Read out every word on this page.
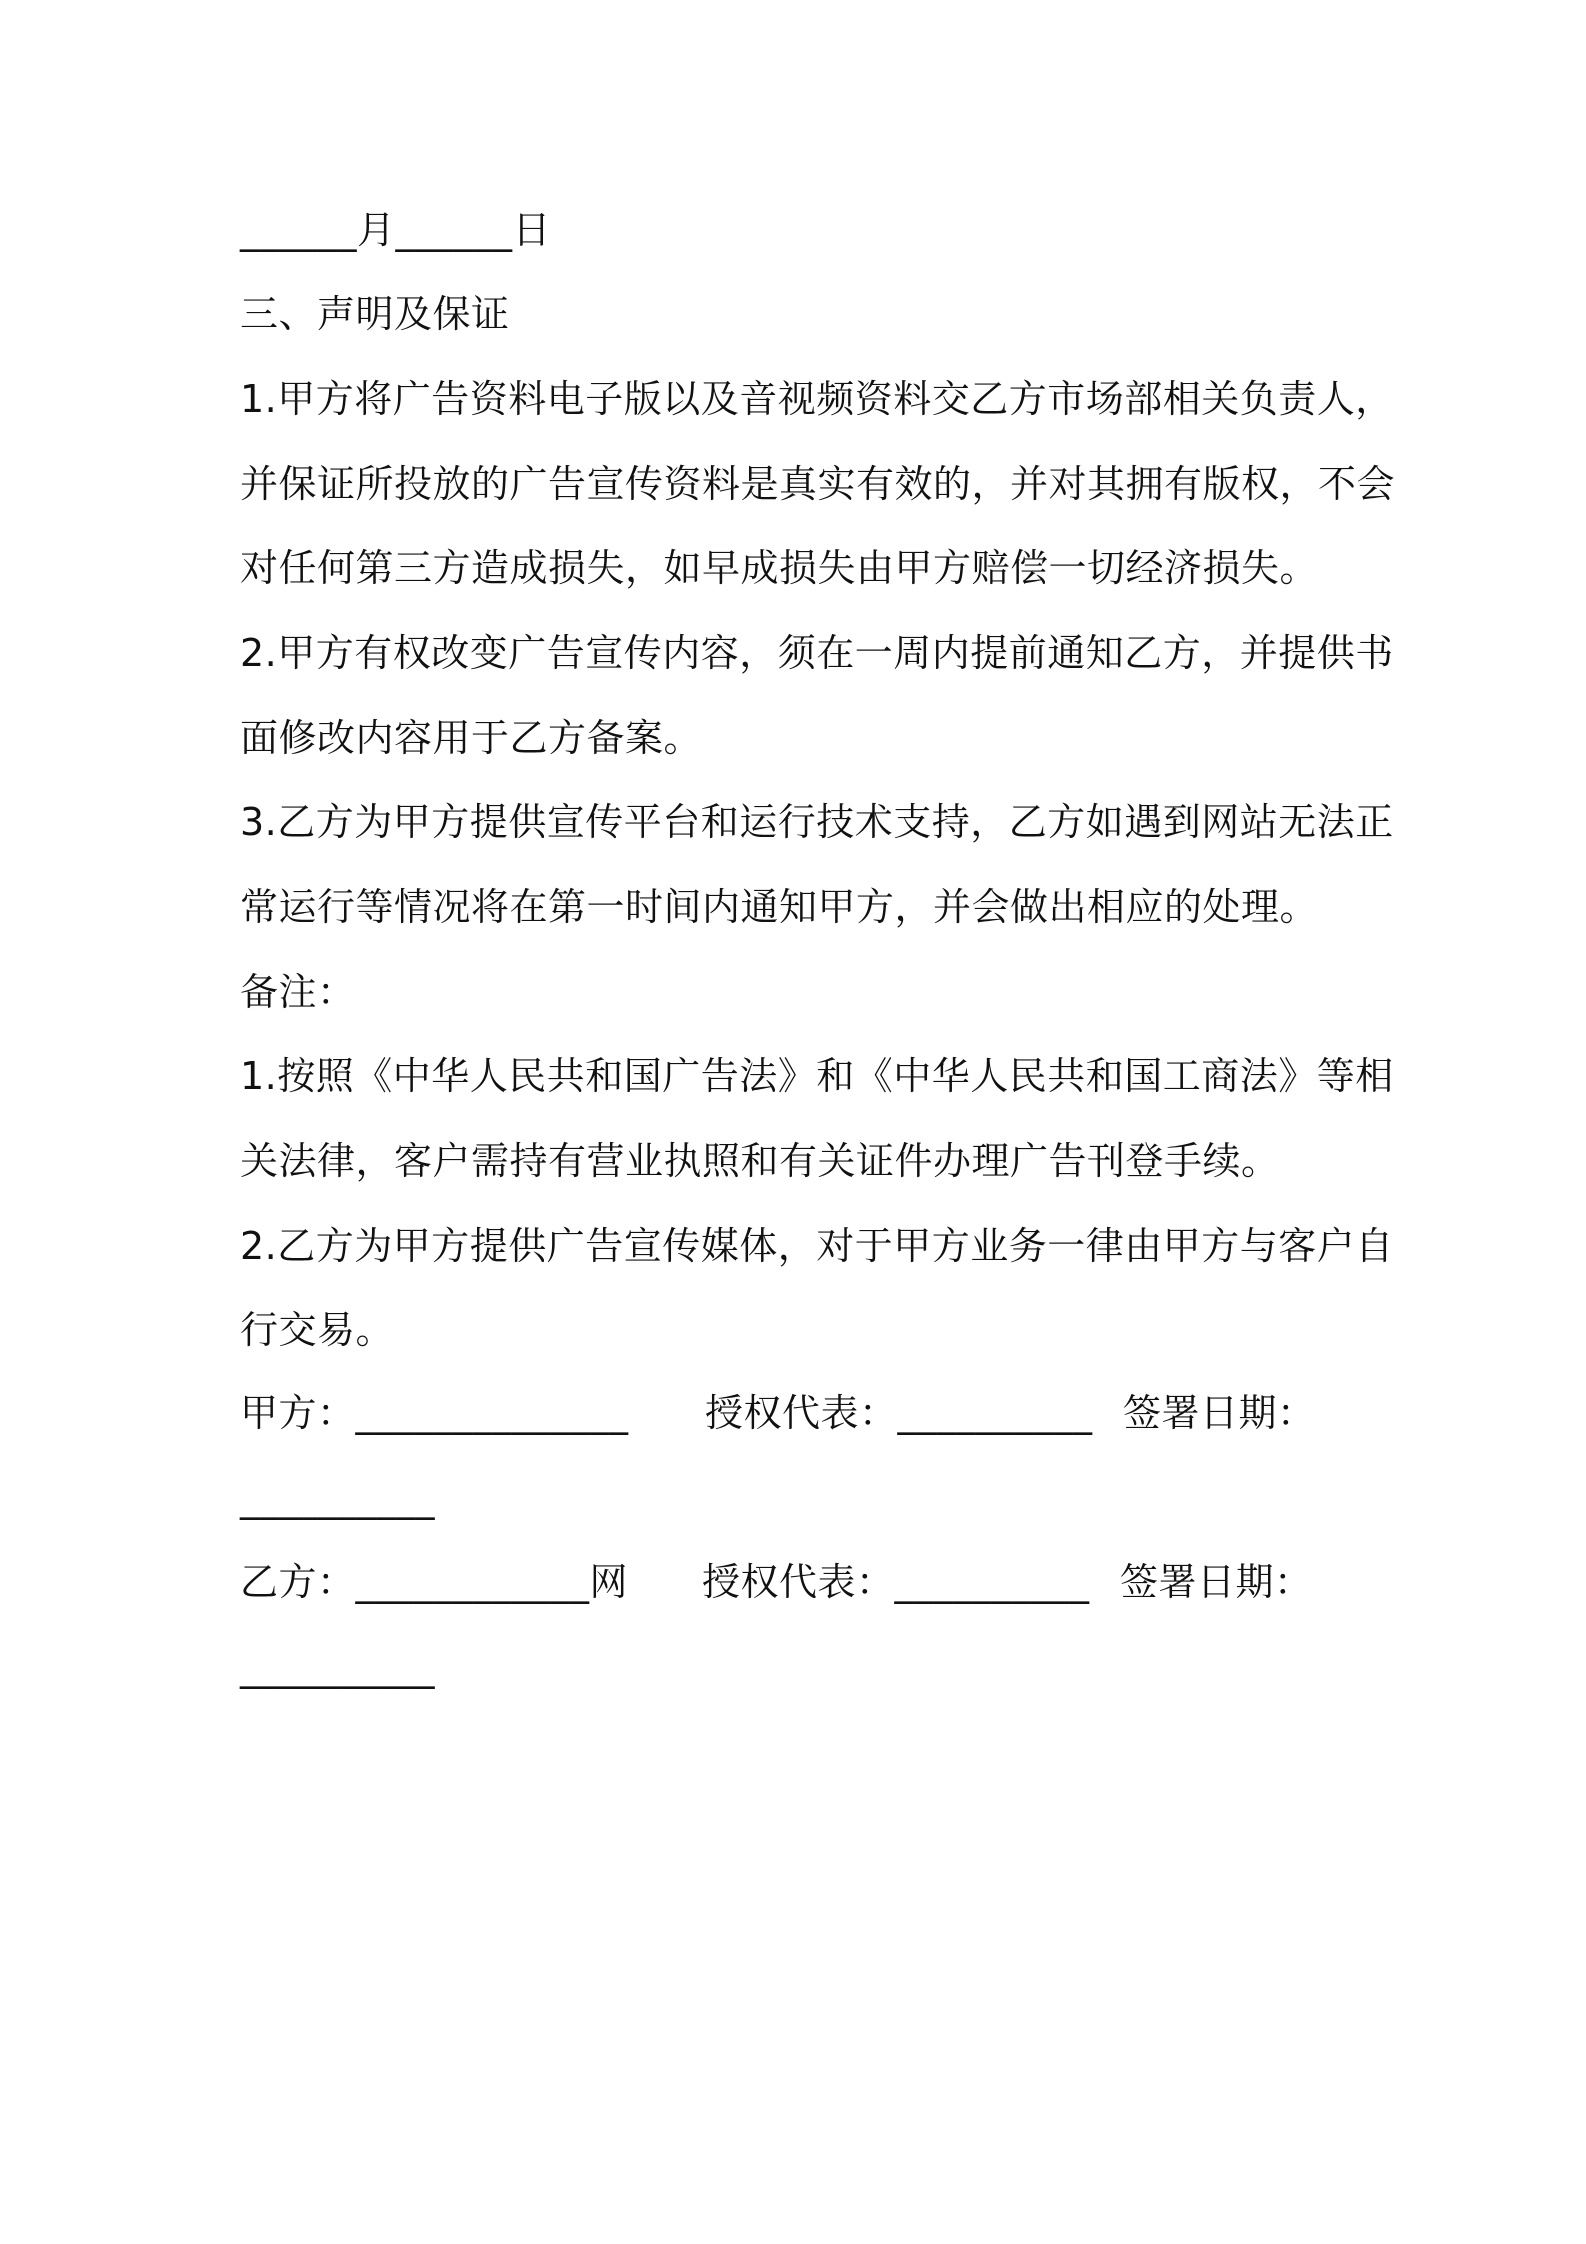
______月______日
三、声明及保证
1.甲方将广告资料电子版以及音视频资料交乙方市场部相关负责人，
并保证所投放的广告宣传资料是真实有效的，并对其拥有版权，不会
对任何第三方造成损失，如早成损失由甲方赔偿一切经济损失。
2.甲方有权改变广告宣传内容，须在一周内提前通知乙方，并提供书
面修改内容用于乙方备案。
3.乙方为甲方提供宣传平台和运行技术支持，乙方如遇到网站无法正
常运行等情况将在第一时间内通知甲方，并会做出相应的处理。
备注：
1.按照《中华人民共和国广告法》和《中华人民共和国工商法》等相
关法律，客户需持有营业执照和有关证件办理广告刊登手续。
2.乙方为甲方提供广告宣传媒体，对于甲方业务一律由甲方与客户自
行交易。
甲方：______________ 授权代表：__________ 签署日期：
__________
乙方：____________网 授权代表：__________ 签署日期：
__________
